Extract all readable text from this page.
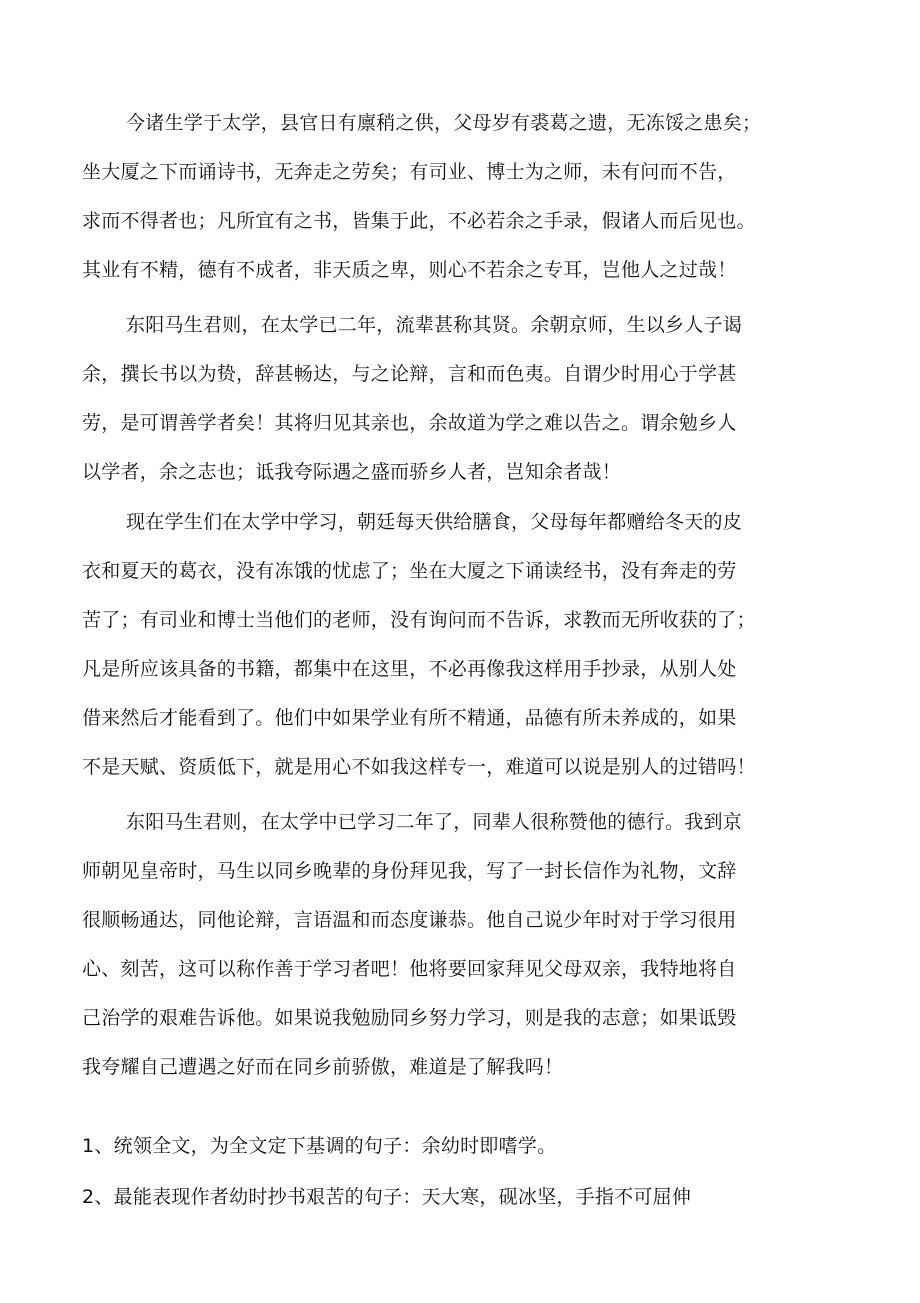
今诸生学于太学，县官日有廪稍之供，父母岁有裘葛之遗，无冻馁之患矣；
坐大厦之下而诵诗书，无奔走之劳矣；有司业、博士为之师，未有问而不告，
求而不得者也；凡所宜有之书，皆集于此，不必若余之手录，假诸人而后见也。
其业有不精，德有不成者，非天质之卑，则心不若余之专耳，岂他人之过哉！

东阳马生君则，在太学已二年，流辈甚称其贤。余朝京师，生以乡人子谒
余，撰长书以为贽，辞甚畅达，与之论辩，言和而色夷。自谓少时用心于学甚
劳，是可谓善学者矣！其将归见其亲也，余故道为学之难以告之。谓余勉乡人
以学者，余之志也；诋我夸际遇之盛而骄乡人者，岂知余者哉！

现在学生们在太学中学习，朝廷每天供给膳食，父母每年都赠给冬天的皮
衣和夏天的葛衣，没有冻饿的忧虑了；坐在大厦之下诵读经书，没有奔走的劳
苦了；有司业和博士当他们的老师，没有询问而不告诉，求教而无所收获的了；
凡是所应该具备的书籍，都集中在这里，不必再像我这样用手抄录，从别人处
借来然后才能看到了。他们中如果学业有所不精通，品德有所未养成的，如果
不是天赋、资质低下，就是用心不如我这样专一，难道可以说是别人的过错吗！

东阳马生君则，在太学中已学习二年了，同辈人很称赞他的德行。我到京
师朝见皇帝时，马生以同乡晚辈的身份拜见我，写了一封长信作为礼物，文辞
很顺畅通达，同他论辩，言语温和而态度谦恭。他自己说少年时对于学习很用
心、刻苦，这可以称作善于学习者吧！他将要回家拜见父母双亲，我特地将自
己治学的艰难告诉他。如果说我勉励同乡努力学习，则是我的志意；如果诋毁
我夸耀自己遭遇之好而在同乡前骄傲，难道是了解我吗！

1、统领全文，为全文定下基调的句子：余幼时即嗜学。

2、最能表现作者幼时抄书艰苦的句子：天大寒，砚冰坚，手指不可屈伸
